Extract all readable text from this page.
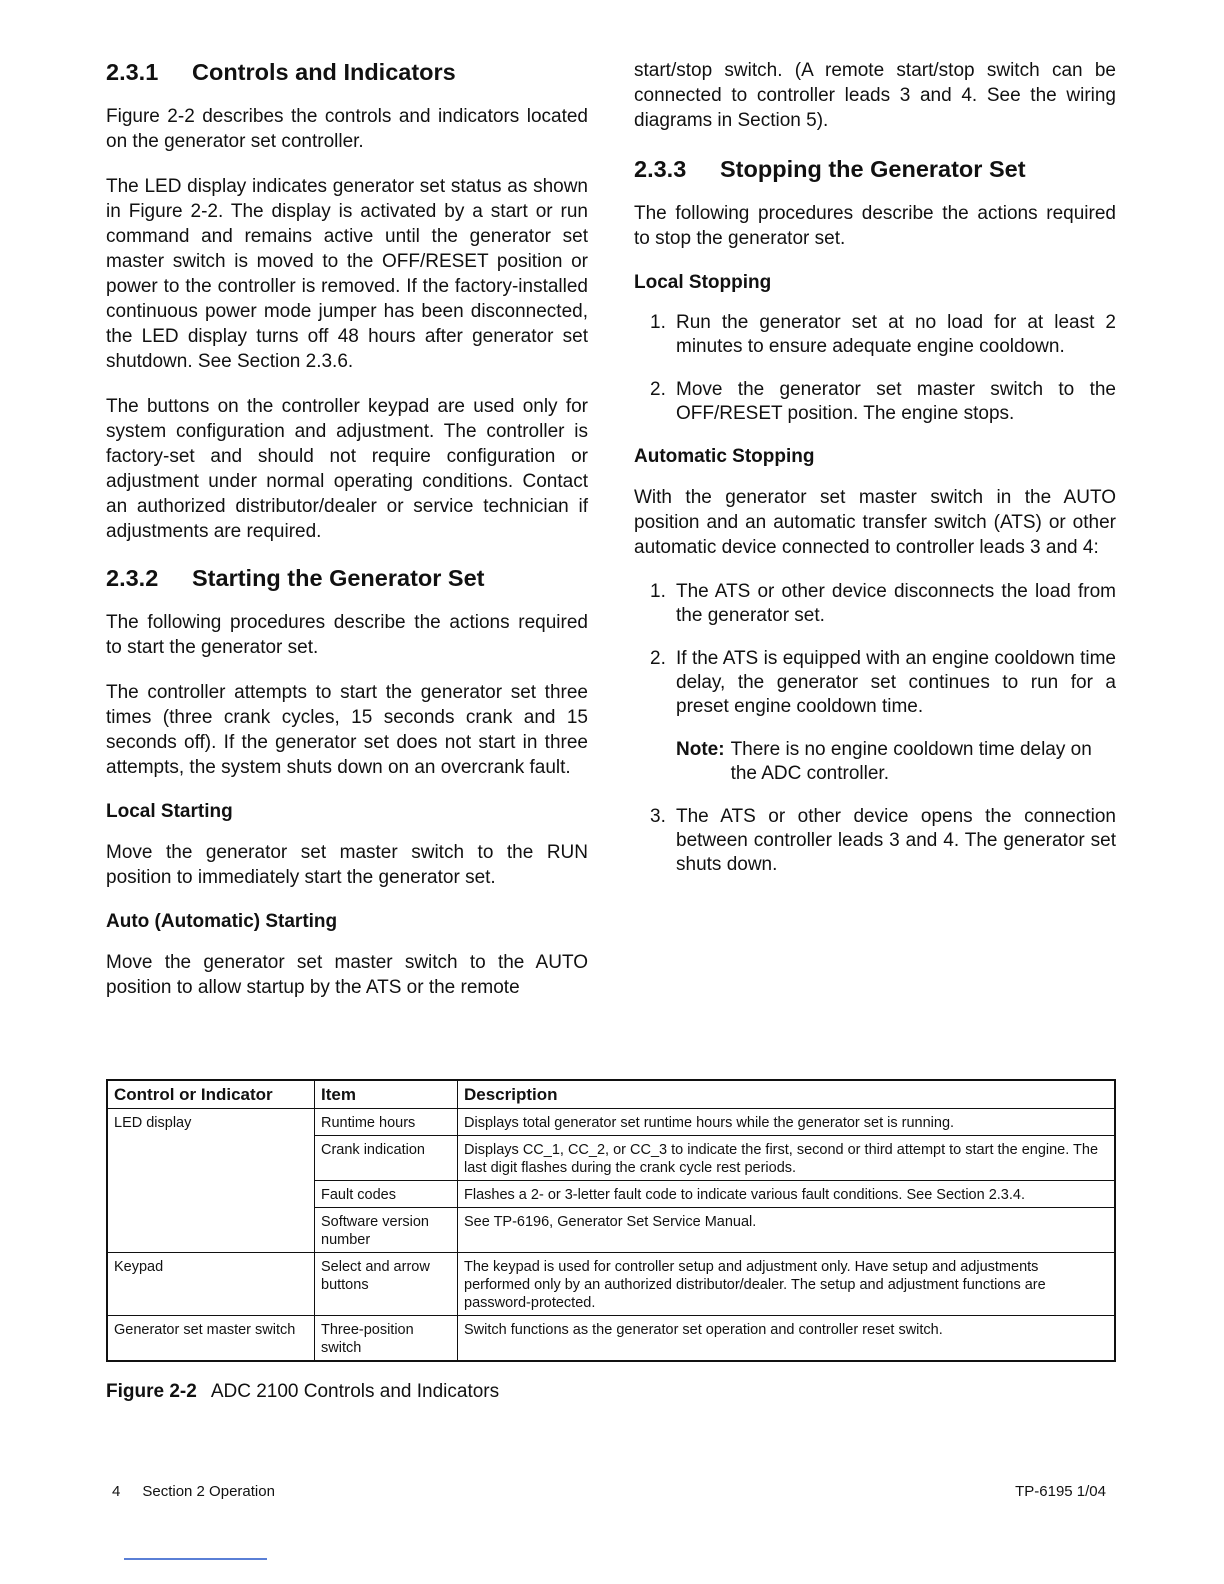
2.3.1	Controls and Indicators

Figure 2-2 describes the controls and indicators located on the generator set controller.

The LED display indicates generator set status as shown in Figure 2-2. The display is activated by a start or run command and remains active until the generator set master switch is moved to the OFF/RESET position or power to the controller is removed. If the factory-installed continuous power mode jumper has been disconnected, the LED display turns off 48 hours after generator set shutdown. See Section 2.3.6.

The buttons on the controller keypad are used only for system configuration and adjustment. The controller is factory-set and should not require configuration or adjustment under normal operating conditions. Contact an authorized distributor/dealer or service technician if adjustments are required.

2.3.2	Starting the Generator Set

The following procedures describe the actions required to start the generator set.

The controller attempts to start the generator set three times (three crank cycles, 15 seconds crank and 15 seconds off). If the generator set does not start in three attempts, the system shuts down on an overcrank fault.

Local Starting

Move the generator set master switch to the RUN position to immediately start the generator set.

Auto (Automatic) Starting

Move the generator set master switch to the AUTO position to allow startup by the ATS or the remote

start/stop switch. (A remote start/stop switch can be connected to controller leads 3 and 4. See the wiring diagrams in Section 5).

2.3.3	Stopping the Generator Set

The following procedures describe the actions required to stop the generator set.

Local Stopping
1. Run the generator set at no load for at least 2 minutes to ensure adequate engine cooldown.
2. Move the generator set master switch to the OFF/RESET position. The engine stops.
Automatic Stopping

With the generator set master switch in the AUTO position and an automatic transfer switch (ATS) or other automatic device connected to controller leads 3 and 4:

1. The ATS or other device disconnects the load from the generator set.
2. If the ATS is equipped with an engine cooldown time delay, the generator set continues to run for a preset engine cooldown time.
Note: There is no engine cooldown time delay on the ADC controller.
3. The ATS or other device opens the connection between controller leads 3 and 4. The generator set shuts down.
Control or Indicator	Item	Description
LED display	Runtime hours	Displays total generator set runtime hours while the generator set is running.
	Crank indication	Displays CC_1, CC_2, or CC_3 to indicate the first, second or third attempt to start the engine. The last digit flashes during the crank cycle rest periods.
	Fault codes	Flashes a 2- or 3-letter fault code to indicate various fault conditions. See Section 2.3.4.
	Software version number	See TP-6196, Generator Set Service Manual.
Keypad	Select and arrow buttons	The keypad is used for controller setup and adjustment only. Have setup and adjustments performed only by an authorized distributor/dealer. The setup and adjustment functions are password-protected.
Generator set master switch	Three-position switch	Switch functions as the generator set operation and controller reset switch.
Figure 2-2 ADC 2100 Controls and Indicators
4 Section 2 Operation	TP-6195 1/04
